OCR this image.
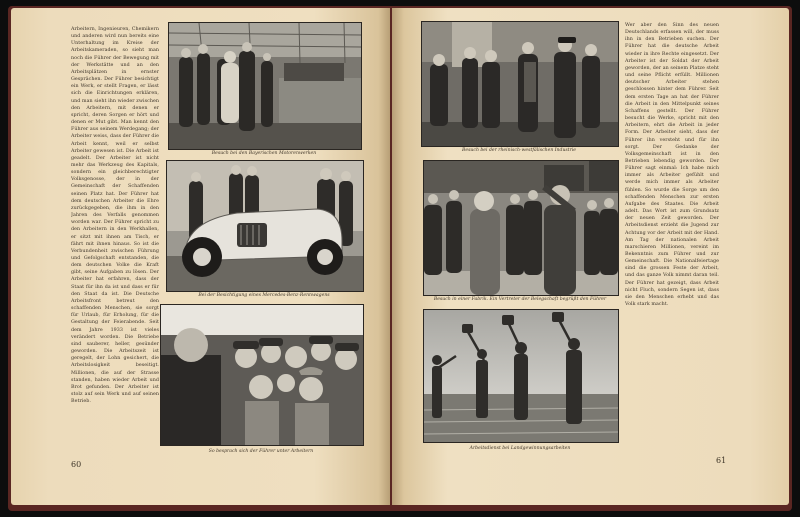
Arbeitern, Ingenieuren, Chemikern und anderen wird nun bereits eine Unterhaltung im Kreise der Arbeitskameraden, so sieht man noch die Führer der Bewegung mit der Werkstätte und an den Arbeitsplätzen in ernster Gesprächen. Der Führer besichtigt ein Werk, er stellt Fragen, er lässt sich die Einrichtungen erklären, und man sieht ihn wieder zwischen den Arbeitern, mit denen er spricht, deren Sorgen er hört und denen er Mut gibt. Man kennt den Führer aus seinem Werdegang; der Arbeiter weiss, dass der Führer die Arbeit kennt, weil er selbst Arbeiter gewesen ist. Die Arbeit ist geadelt. Der Arbeiter ist nicht mehr das Werkzeug des Kapitals, sondern ein gleichberechtigter Volksgenosse, der in der Gemeinschaft der Schaffenden seinen Platz hat. Der Führer hat dem deutschen Arbeiter die Ehre zurückgegeben, die ihm in den Jahren des Verfalls genommen worden war. Der Führer spricht zu den Arbeitern in den Werkhallen, er sitzt mit ihnen am Tisch, er fährt mit ihnen hinaus. So ist die Verbundenheit zwischen Führung und Gefolgschaft entstanden, die dem deutschen Volke die Kraft gibt, seine Aufgaben zu lösen. Der Arbeiter hat erfahren, dass der Staat für ihn da ist und dass er für den Staat da ist. Die Deutsche Arbeitsfront betreut den schaffenden Menschen, sie sorgt für Urlaub, für Erholung, für die Gestaltung der Feierabende. Seit dem Jahre 1933 ist vieles verändert worden. Die Betriebe sind sauberer, heller, gesünder geworden. Die Arbeitszeit ist geregelt, der Lohn gesichert, die Arbeitslosigkeit beseitigt. Millionen, die auf der Strasse standen, haben wieder Arbeit und Brot gefunden. Der Arbeiter ist stolz auf sein Werk und auf seinen Betrieb.
Besuch bei den Bayerischen Motorenwerken
Bei der Besichtigung eines Mercedes-Benz-Rennwagens
So besprach sich der Führer unter Arbeitern
60
Besuch bei der rheinisch-westfälischen Industrie
Besuch in einer Fabrik. Ein Vertreter der Belegschaft begrüßt den Führer
Arbeitsdienst bei Landgewinnungsarbeiten
Wer aber den Sinn des neuen Deutschlands erfassen will, der muss ihn in den Betrieben suchen. Der Führer hat die deutsche Arbeit wieder in ihre Rechte eingesetzt. Der Arbeiter ist der Soldat der Arbeit geworden, der an seinem Platze steht und seine Pflicht erfüllt. Millionen deutscher Arbeiter stehen geschlossen hinter dem Führer. Seit dem ersten Tage an hat der Führer die Arbeit in den Mittelpunkt seines Schaffens gestellt. Der Führer besucht die Werke, spricht mit den Arbeitern, ehrt die Arbeit in jeder Form. Der Arbeiter sieht, dass der Führer ihn versteht und für ihn sorgt. Der Gedanke der Volksgemeinschaft ist in den Betrieben lebendig geworden. Der Führer sagt einmal: Ich habe mich immer als Arbeiter gefühlt und werde mich immer als Arbeiter fühlen. So wurde die Sorge um den schaffenden Menschen zur ersten Aufgabe des Staates. Die Arbeit adelt. Das Wort ist zum Grundsatz der neuen Zeit geworden. Der Arbeitsdienst erzieht die Jugend zur Achtung vor der Arbeit mit der Hand. Am Tag der nationalen Arbeit marschieren Millionen, vereint im Bekenntnis zum Führer und zur Gemeinschaft. Die Nationalfeiertage sind die grossen Feste der Arbeit, und das ganze Volk nimmt daran teil. Der Führer hat gezeigt, dass Arbeit nicht Fluch, sondern Segen ist, dass sie den Menschen erhebt und das Volk stark macht.
61
